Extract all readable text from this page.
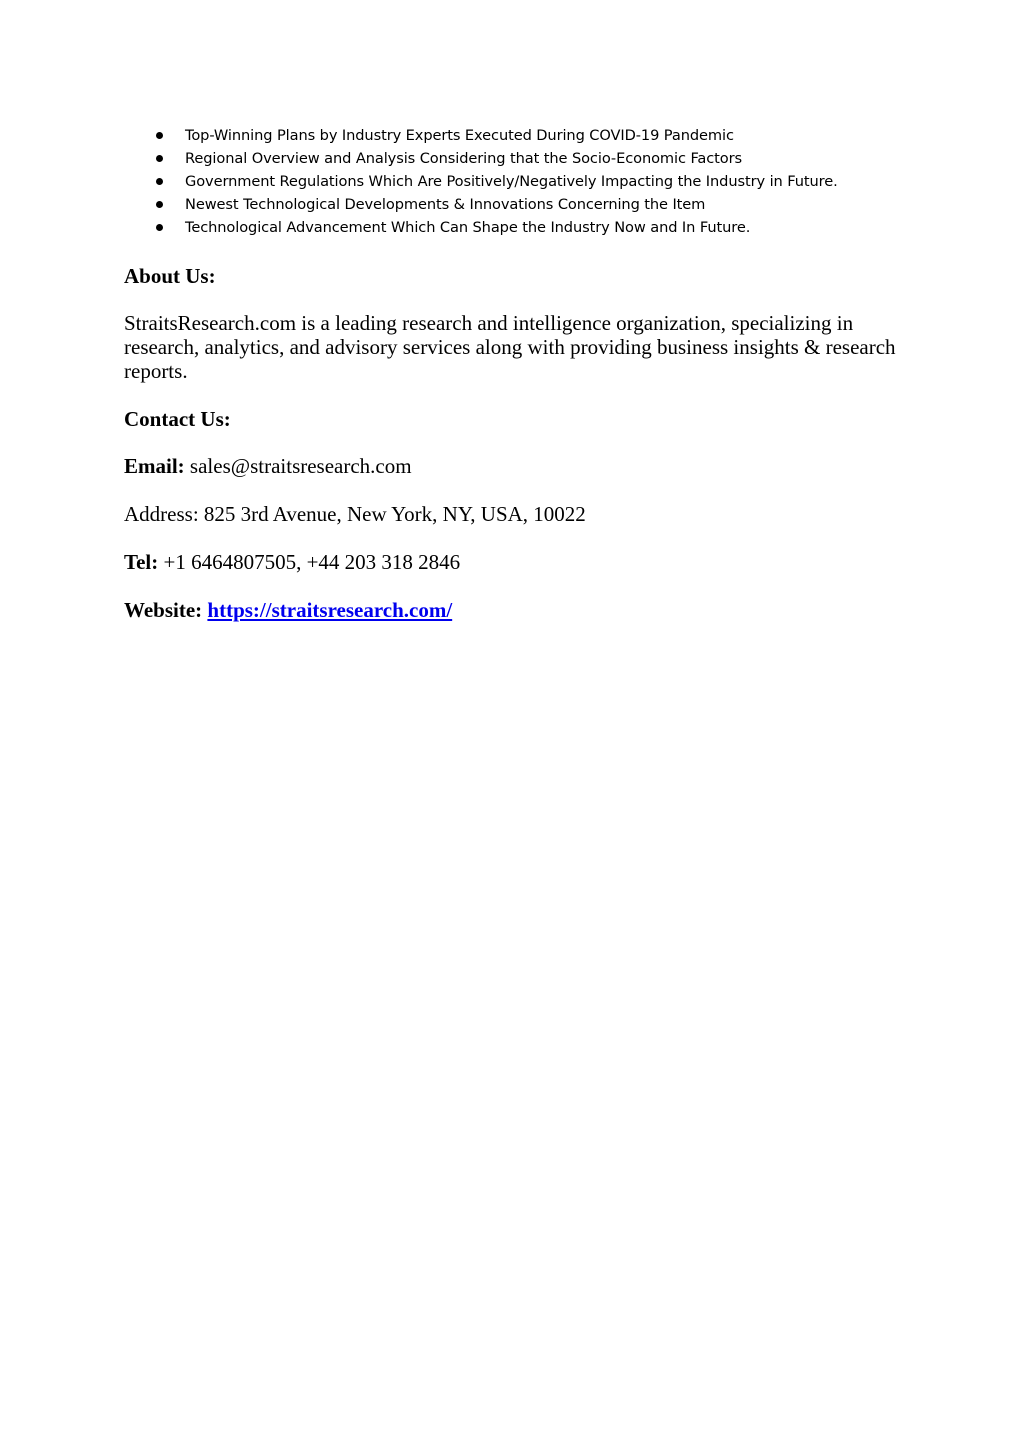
Top-Winning Plans by Industry Experts Executed During COVID-19 Pandemic
Regional Overview and Analysis Considering that the Socio-Economic Factors
Government Regulations Which Are Positively/Negatively Impacting the Industry in Future.
Newest Technological Developments & Innovations Concerning the Item
Technological Advancement Which Can Shape the Industry Now and In Future.
About Us:

StraitsResearch.com is a leading research and intelligence organization, specializing in research, analytics, and advisory services along with providing business insights & research reports.

Contact Us:

Email: sales@straitsresearch.com

Address: 825 3rd Avenue, New York, NY, USA, 10022

Tel: +1 6464807505, +44 203 318 2846

Website: https://straitsresearch.com/
